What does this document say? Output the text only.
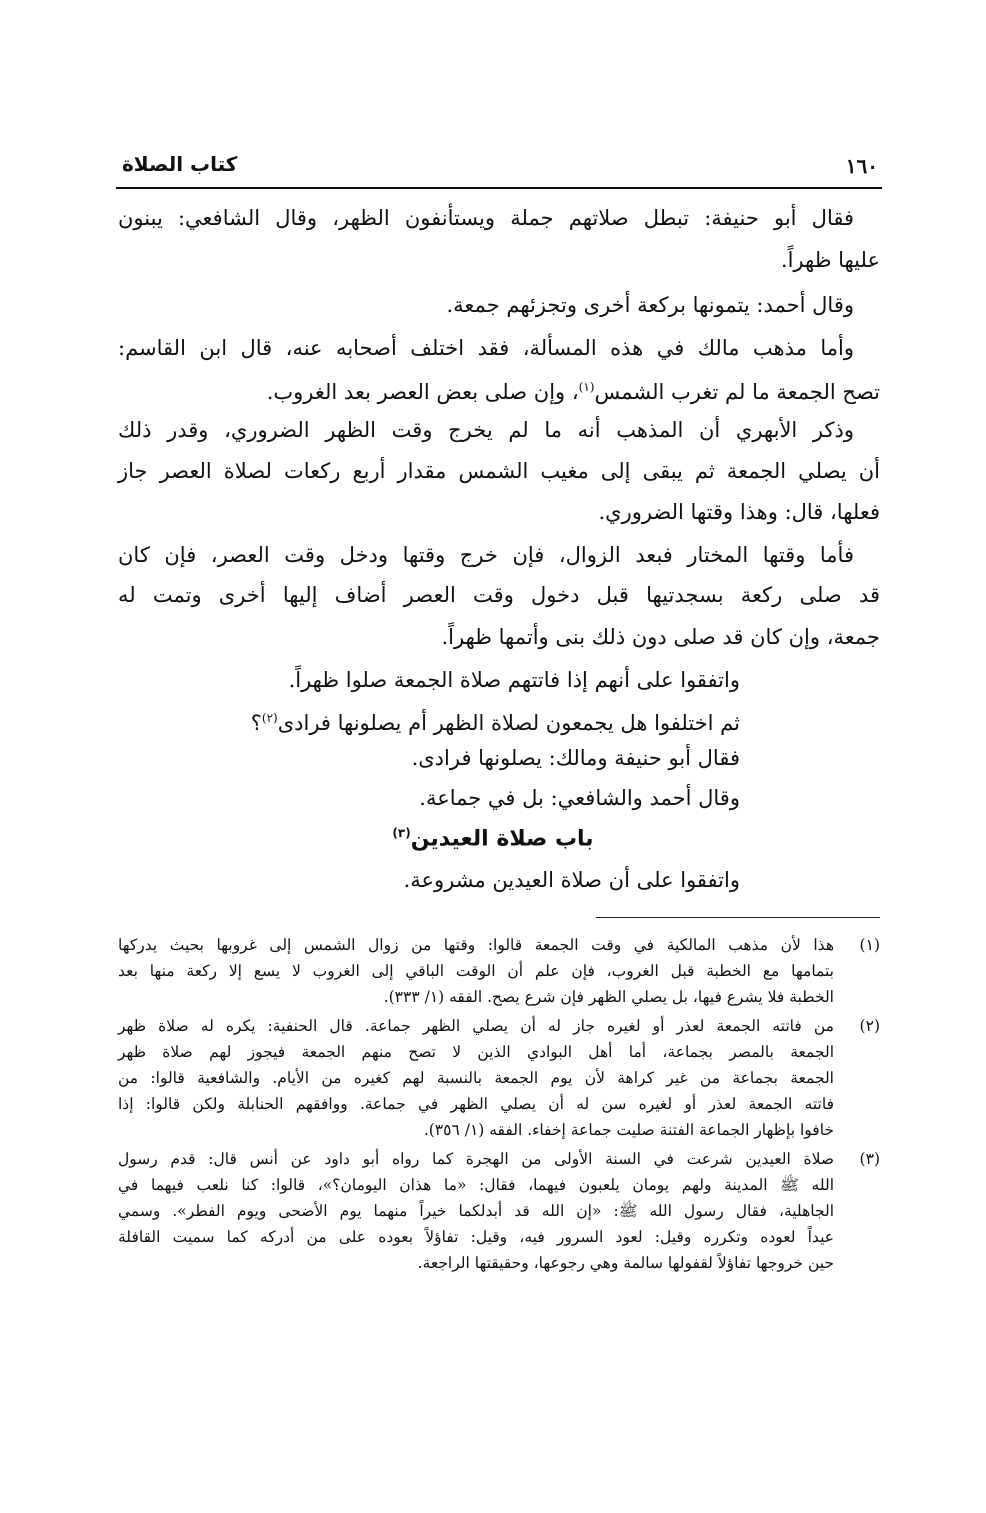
١٦٠
كتاب الصلاة
فقال أبو حنيفة: تبطل صلاتهم جملة ويستأنفون الظهر، وقال الشافعي: يبنون
عليها ظهراً.
وقال أحمد: يتمونها بركعة أخرى وتجزئهم جمعة.
وأما مذهب مالك في هذه المسألة، فقد اختلف أصحابه عنه، قال ابن القاسم:
تصح الجمعة ما لم تغرب الشمس$^{(١)}$، وإن صلى بعض العصر بعد الغروب.
وذكر الأبهري أن المذهب أنه ما لم يخرج وقت الظهر الضروري، وقدر ذلك
أن يصلي الجمعة ثم يبقى إلى مغيب الشمس مقدار أربع ركعات لصلاة العصر جاز
فعلها، قال: وهذا وقتها الضروري.
فأما وقتها المختار فبعد الزوال، فإن خرج وقتها ودخل وقت العصر، فإن كان
قد صلى ركعة بسجدتيها قبل دخول وقت العصر أضاف إليها أخرى وتمت له
جمعة، وإن كان قد صلى دون ذلك بنى وأتمها ظهراً.
واتفقوا على أنهم إذا فاتتهم صلاة الجمعة صلوا ظهراً.
ثم اختلفوا هل يجمعون لصلاة الظهر أم يصلونها فرادى$^{(٢)}$؟
فقال أبو حنيفة ومالك: يصلونها فرادى.
وقال أحمد والشافعي: بل في جماعة.
باب صلاة العيدين$^{(٣)}$
واتفقوا على أن صلاة العيدين مشروعة.
(١)
هذا لأن مذهب المالكية في وقت الجمعة قالوا: وقتها من زوال الشمس إلى غروبها بحيث يدركها
بتمامها مع الخطبة قبل الغروب، فإن علم أن الوقت الباقي إلى الغروب لا يسع إلا ركعة منها بعد
الخطبة فلا يشرع فيها، بل يصلي الظهر فإن شرع يصح. الفقه (١/ ٣٣٣).
(٢)
من فاتته الجمعة لعذر أو لغيره جاز له أن يصلي الظهر جماعة. قال الحنفية: يكره له صلاة ظهر
الجمعة بالمصر بجماعة، أما أهل البوادي الذين لا تصح منهم الجمعة فيجوز لهم صلاة ظهر
الجمعة بجماعة من غير كراهة لأن يوم الجمعة بالنسبة لهم كغيره من الأيام. والشافعية قالوا: من
فاتته الجمعة لعذر أو لغيره سن له أن يصلي الظهر في جماعة. ووافقهم الحنابلة ولكن قالوا: إذا
خافوا بإظهار الجماعة الفتنة صليت جماعة إخفاء. الفقه (١/ ٣٥٦).
(٣)
صلاة العيدين شرعت في السنة الأولى من الهجرة كما رواه أبو داود عن أنس قال: قدم رسول
الله ﷺ المدينة ولهم يومان يلعبون فيهما، فقال: «ما هذان اليومان؟»، قالوا: كنا نلعب فيهما في
الجاهلية، فقال رسول الله ﷺ: «إن الله قد أبدلكما خيراً منهما يوم الأضحى ويوم الفطر». وسمي
عيداً لعوده وتكرره وقيل: لعود السرور فيه، وقيل: تفاؤلاً بعوده على من أدركه كما سميت القافلة
حين خروجها تفاؤلاً لقفولها سالمة وهي رجوعها، وحقيقتها الراجعة.
